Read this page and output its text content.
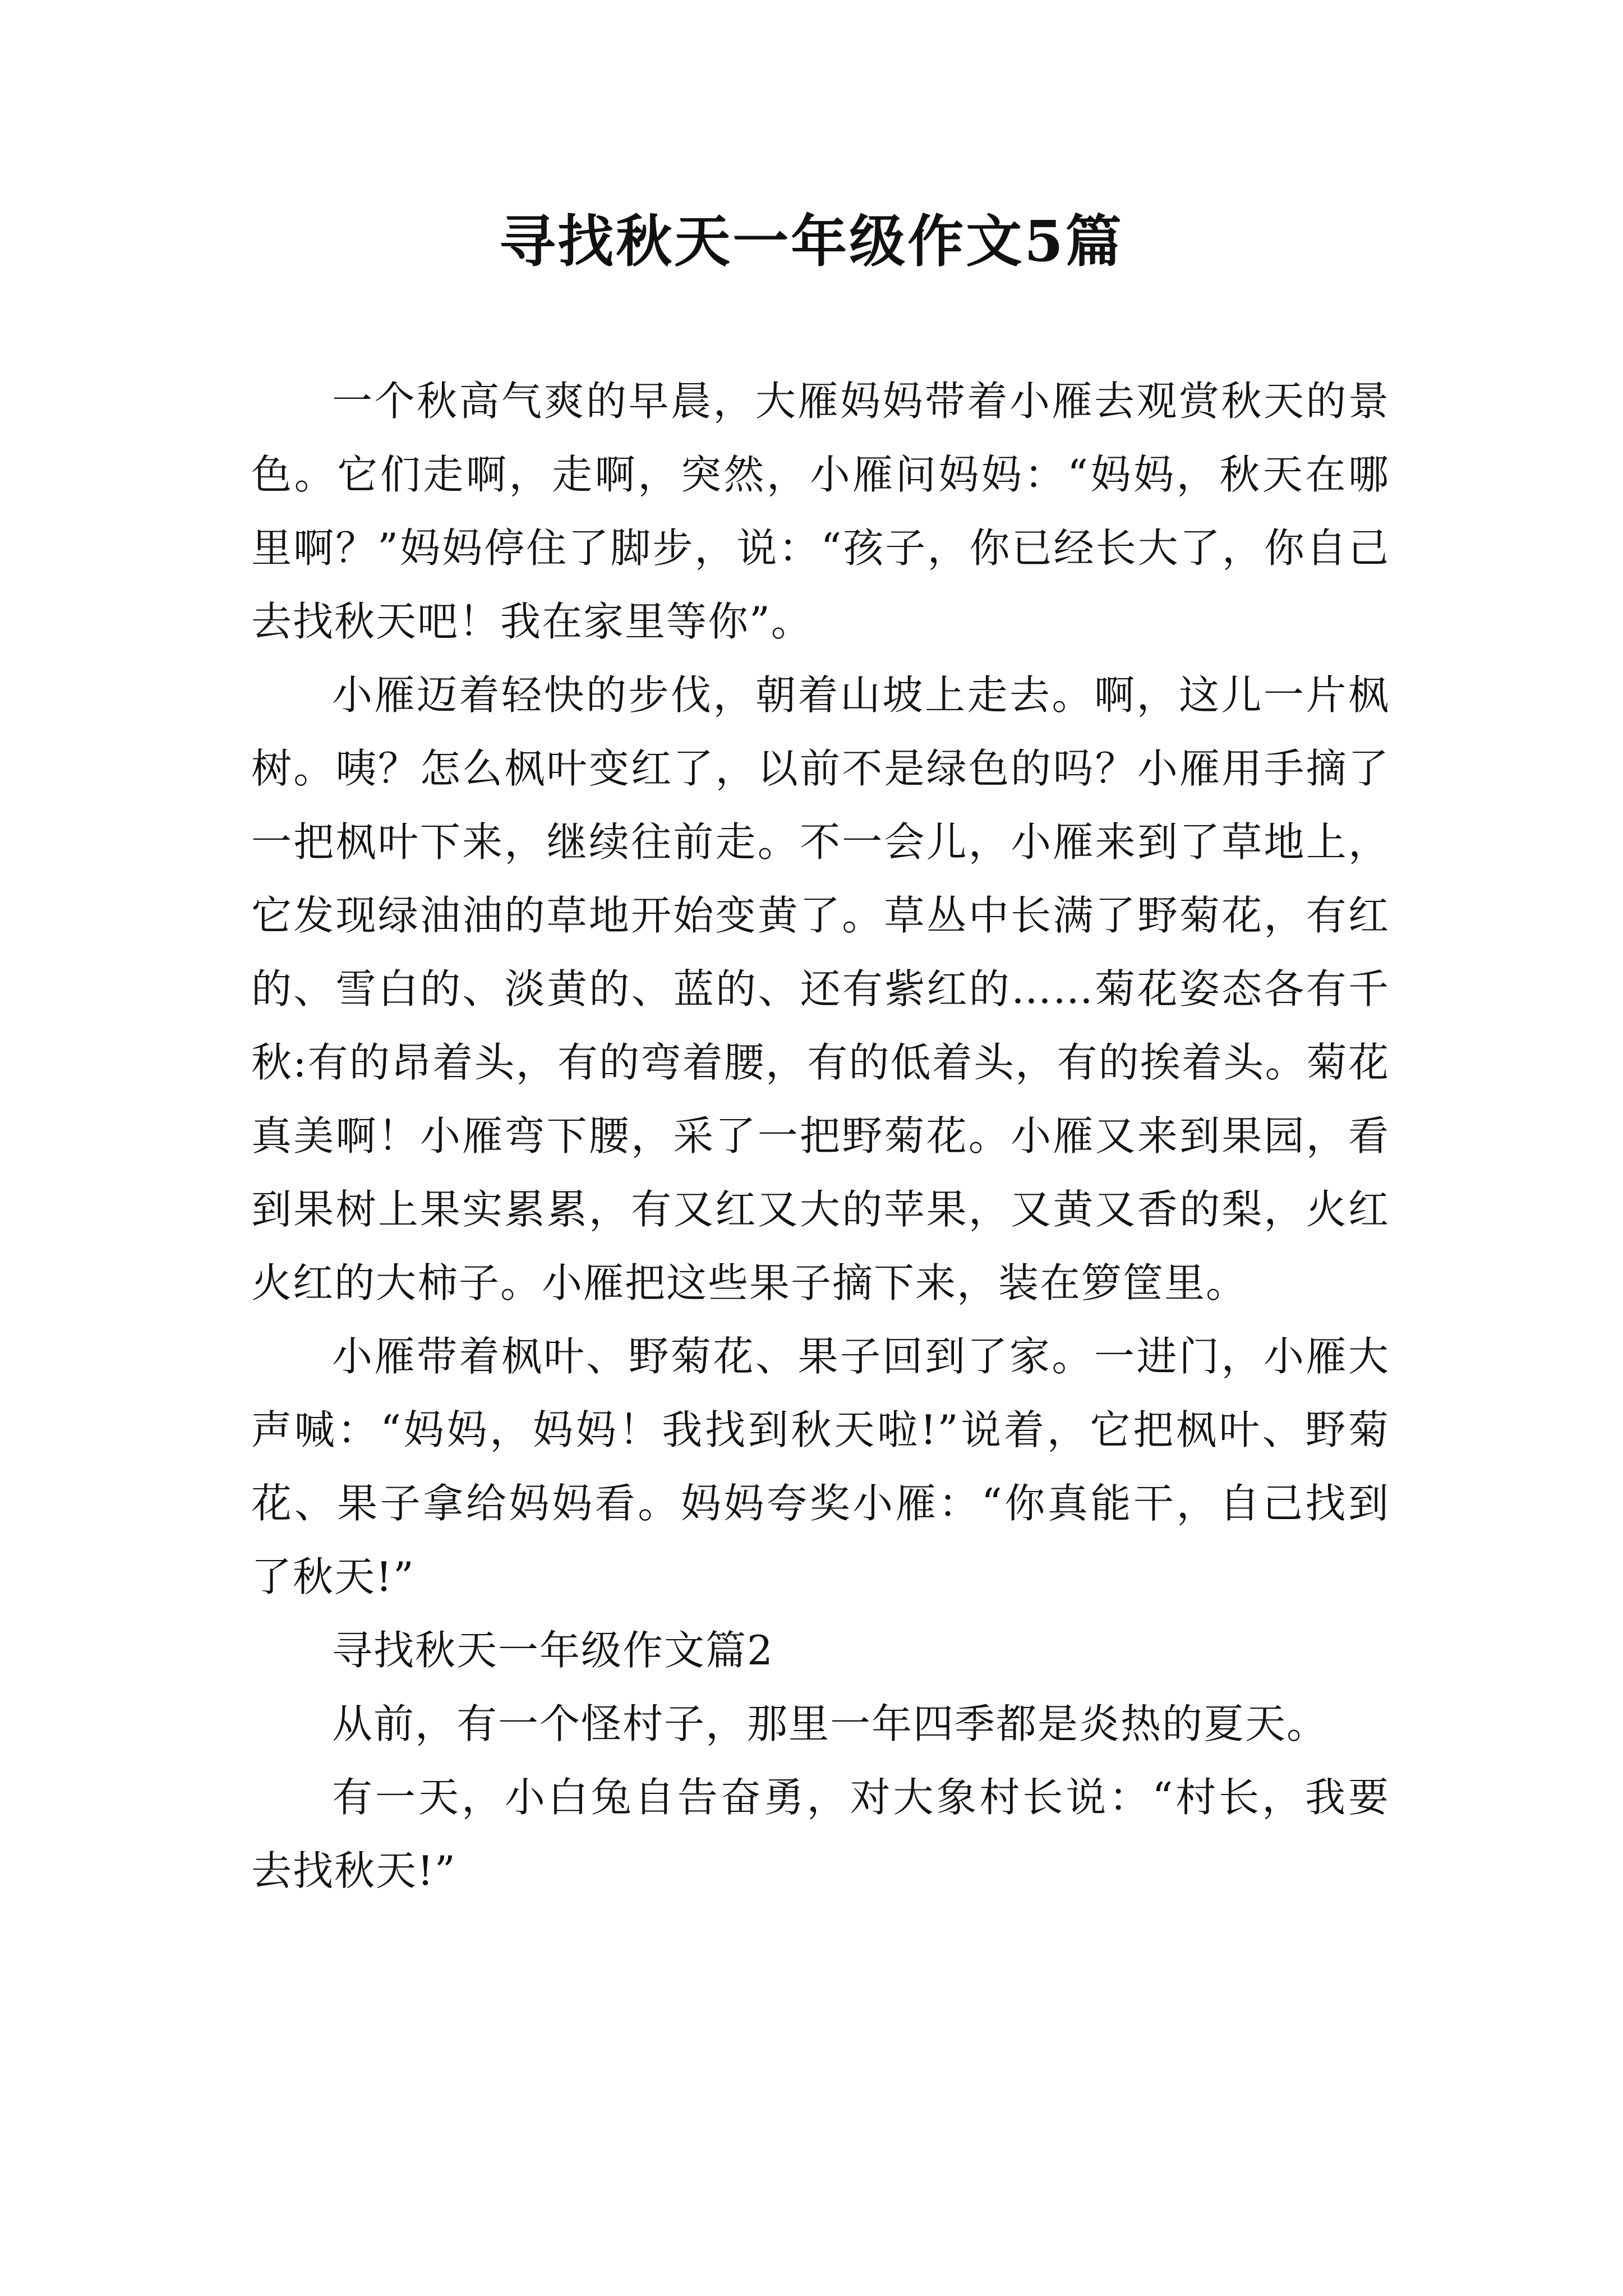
寻找秋天一年级作文5篇

一个秋高气爽的早晨，大雁妈妈带着小雁去观赏秋天的景色。它们走啊，走啊，突然，小雁问妈妈：“妈妈，秋天在哪里啊？”妈妈停住了脚步，说：“孩子，你已经长大了，你自己去找秋天吧！我在家里等你”。

小雁迈着轻快的步伐，朝着山坡上走去。啊，这儿一片枫树。咦？怎么枫叶变红了，以前不是绿色的吗？小雁用手摘了一把枫叶下来，继续往前走。不一会儿，小雁来到了草地上，它发现绿油油的草地开始变黄了。草丛中长满了野菊花，有红的、雪白的、淡黄的、蓝的、还有紫红的……菊花姿态各有千秋:有的昂着头，有的弯着腰，有的低着头，有的挨着头。菊花真美啊！小雁弯下腰，采了一把野菊花。小雁又来到果园，看到果树上果实累累，有又红又大的苹果，又黄又香的梨，火红火红的大柿子。小雁把这些果子摘下来，装在箩筐里。

小雁带着枫叶、野菊花、果子回到了家。一进门，小雁大声喊：“妈妈，妈妈！我找到秋天啦!”说着，它把枫叶、野菊花、果子拿给妈妈看。妈妈夸奖小雁：“你真能干，自己找到了秋天!”

寻找秋天一年级作文篇2

从前，有一个怪村子，那里一年四季都是炎热的夏天。

有一天，小白兔自告奋勇，对大象村长说：“村长，我要去找秋天!”
